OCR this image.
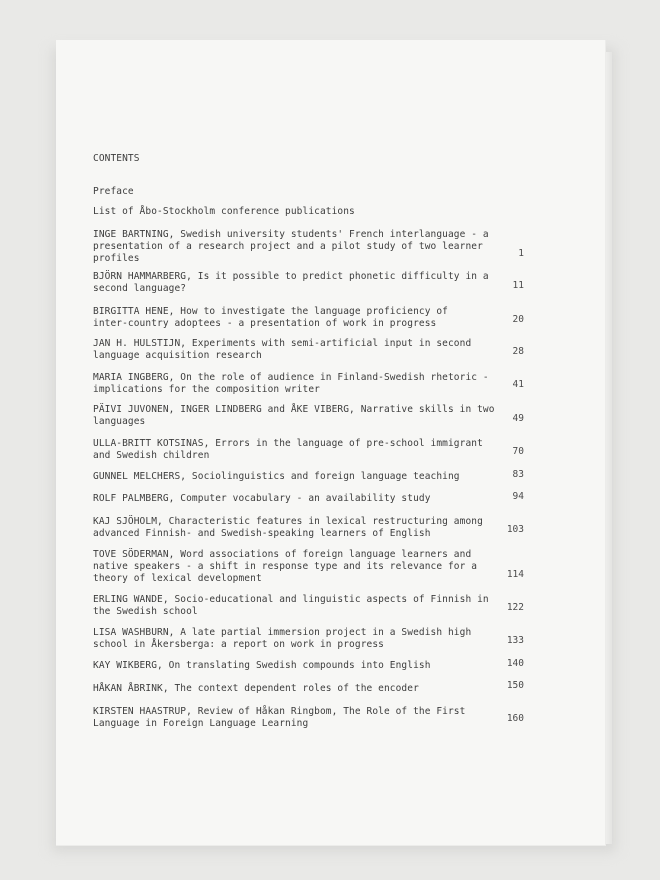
CONTENTS
Preface
List of Åbo-Stockholm conference publications
INGE BARTNING, Swedish university students' French interlanguage - a
presentation of a research project and a pilot study of two learner
profiles	1
BJÖRN HAMMARBERG, Is it possible to predict phonetic difficulty in a
second language?	11
BIRGITTA HENE, How to investigate the language proficiency of
inter-country adoptees - a presentation of work in progress	20
JAN H. HULSTIJN, Experiments with semi-artificial input in second
language acquisition research	28
MARIA INGBERG, On the role of audience in Finland-Swedish rhetoric -
implications for the composition writer	41
PÄIVI JUVONEN, INGER LINDBERG and ÅKE VIBERG, Narrative skills in two
languages	49
ULLA-BRITT KOTSINAS, Errors in the language of pre-school immigrant
and Swedish children	70
GUNNEL MELCHERS, Sociolinguistics and foreign language teaching	83
ROLF PALMBERG, Computer vocabulary - an availability study	94
KAJ SJÖHOLM, Characteristic features in lexical restructuring among
advanced Finnish- and Swedish-speaking learners of English	103
TOVE SÖDERMAN, Word associations of foreign language learners and
native speakers - a shift in response type and its relevance for a
theory of lexical development	114
ERLING WANDE, Socio-educational and linguistic aspects of Finnish in
the Swedish school	122
LISA WASHBURN, A late partial immersion project in a Swedish high
school in Åkersberga: a report on work in progress	133
KAY WIKBERG, On translating Swedish compounds into English	140
HÅKAN ÅBRINK, The context dependent roles of the encoder	150
KIRSTEN HAASTRUP, Review of Håkan Ringbom, The Role of the First
Language in Foreign Language Learning	160
